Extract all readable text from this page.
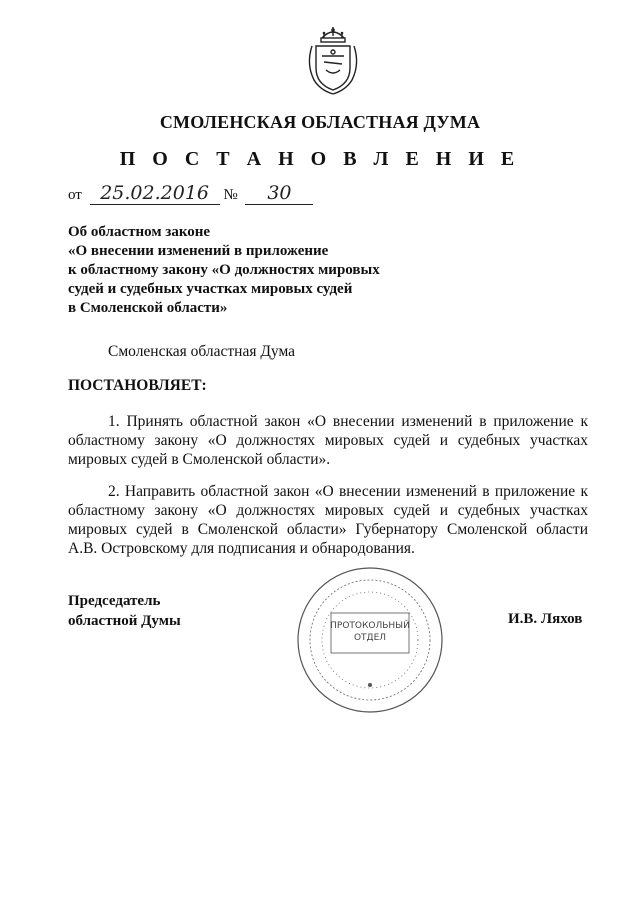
СМОЛЕНСКАЯ ОБЛАСТНАЯ ДУМА
П О С Т А Н О В Л Е Н И Е
от 25.02.2016 № 30
Об областном законе
«О внесении изменений в приложение
к областному закону «О должностях мировых
судей и судебных участках мировых судей
в Смоленской области»
Смоленская областная Дума
ПОСТАНОВЛЯЕТ:
1. Принять областной закон «О внесении изменений в приложение к
областному закону «О должностях мировых судей и судебных участках
мировых судей в Смоленской области».
2. Направить областной закон «О внесении изменений в приложение к
областному закону «О должностях мировых судей и судебных участках
мировых судей в Смоленской области» Губернатору Смоленской области
А.В. Островскому для подписания и обнародования.
Председатель
областной Думы	И.В. Ляхов
ПРОТОКОЛЬНЫЙ
ОТДЕЛ
